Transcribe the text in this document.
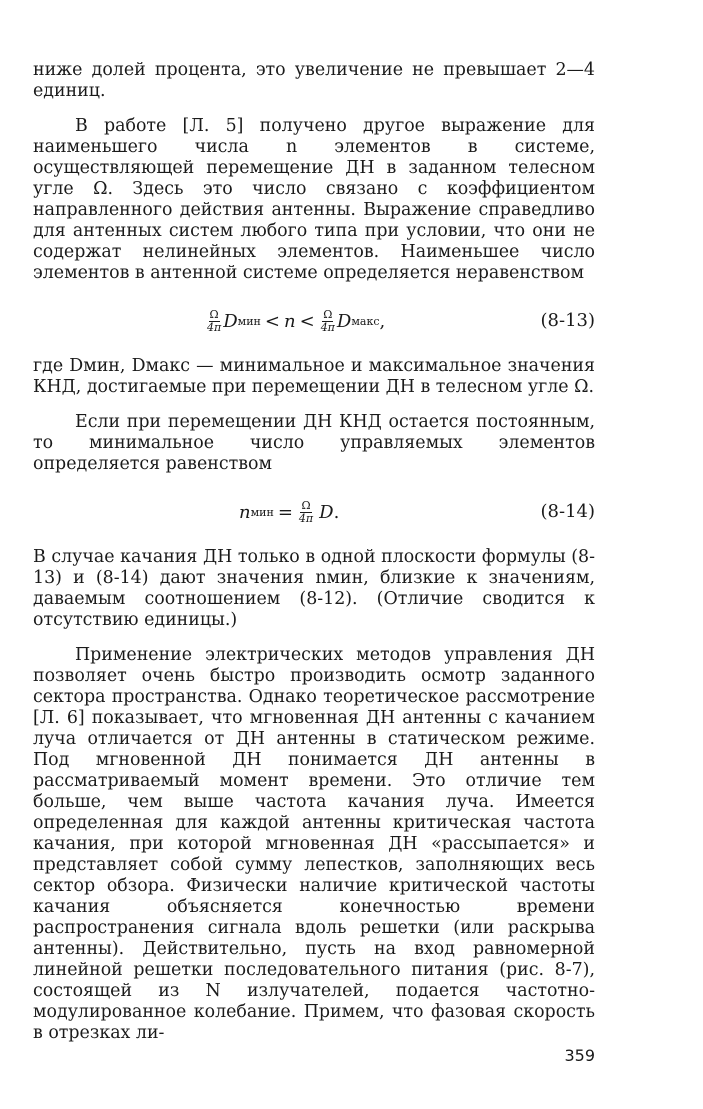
ниже долей процента, это увеличение не превышает 2—4 единиц.

В работе [Л. 5] получено другое выражение для наименьшего числа n элементов в системе, осуществляющей перемещение ДН в заданном телесном угле Ω. Здесь это число связано с коэффициентом направленного действия антенны. Выражение справедливо для антенных систем любого типа при условии, что они не содержат нелинейных элементов. Наименьшее число элементов в антенной системе определяется неравенством

$\frac{\Omega}{4\pi}$ D мин < $n < \frac{\Omega}{4\pi}$ D макс ,	(8-13)

где Dмин, Dмакс — минимальное и максимальное значения КНД, достигаемые при перемещении ДН в телесном угле Ω.

Если при перемещении ДН КНД остается постоянным, то минимальное число управляемых элементов определяется равенством

n мин = $\frac{\Omega}{4\pi}$ D .	(8-14)

В случае качания ДН только в одной плоскости формулы (8-13) и (8-14) дают значения nмин, близкие к значениям, даваемым соотношением (8-12). (Отличие сводится к отсутствию единицы.)

Применение электрических методов управления ДН позволяет очень быстро производить осмотр заданного сектора пространства. Однако теоретическое рассмотрение [Л. 6] показывает, что мгновенная ДН антенны с качанием луча отличается от ДН антенны в статическом режиме. Под мгновенной ДН понимается ДН антенны в рассматриваемый момент времени. Это отличие тем больше, чем выше частота качания луча. Имеется определенная для каждой антенны критическая частота качания, при которой мгновенная ДН «рассыпается» и представляет собой сумму лепестков, заполняющих весь сектор обзора. Физически наличие критической частоты качания объясняется конечностью времени распространения сигнала вдоль решетки (или раскрыва антенны). Действительно, пусть на вход равномерной линейной решетки последовательного питания (рис. 8-7), состоящей из N излучателей, подается частотно-модулированное колебание. Примем, что фазовая скорость в отрезках ли-

359
